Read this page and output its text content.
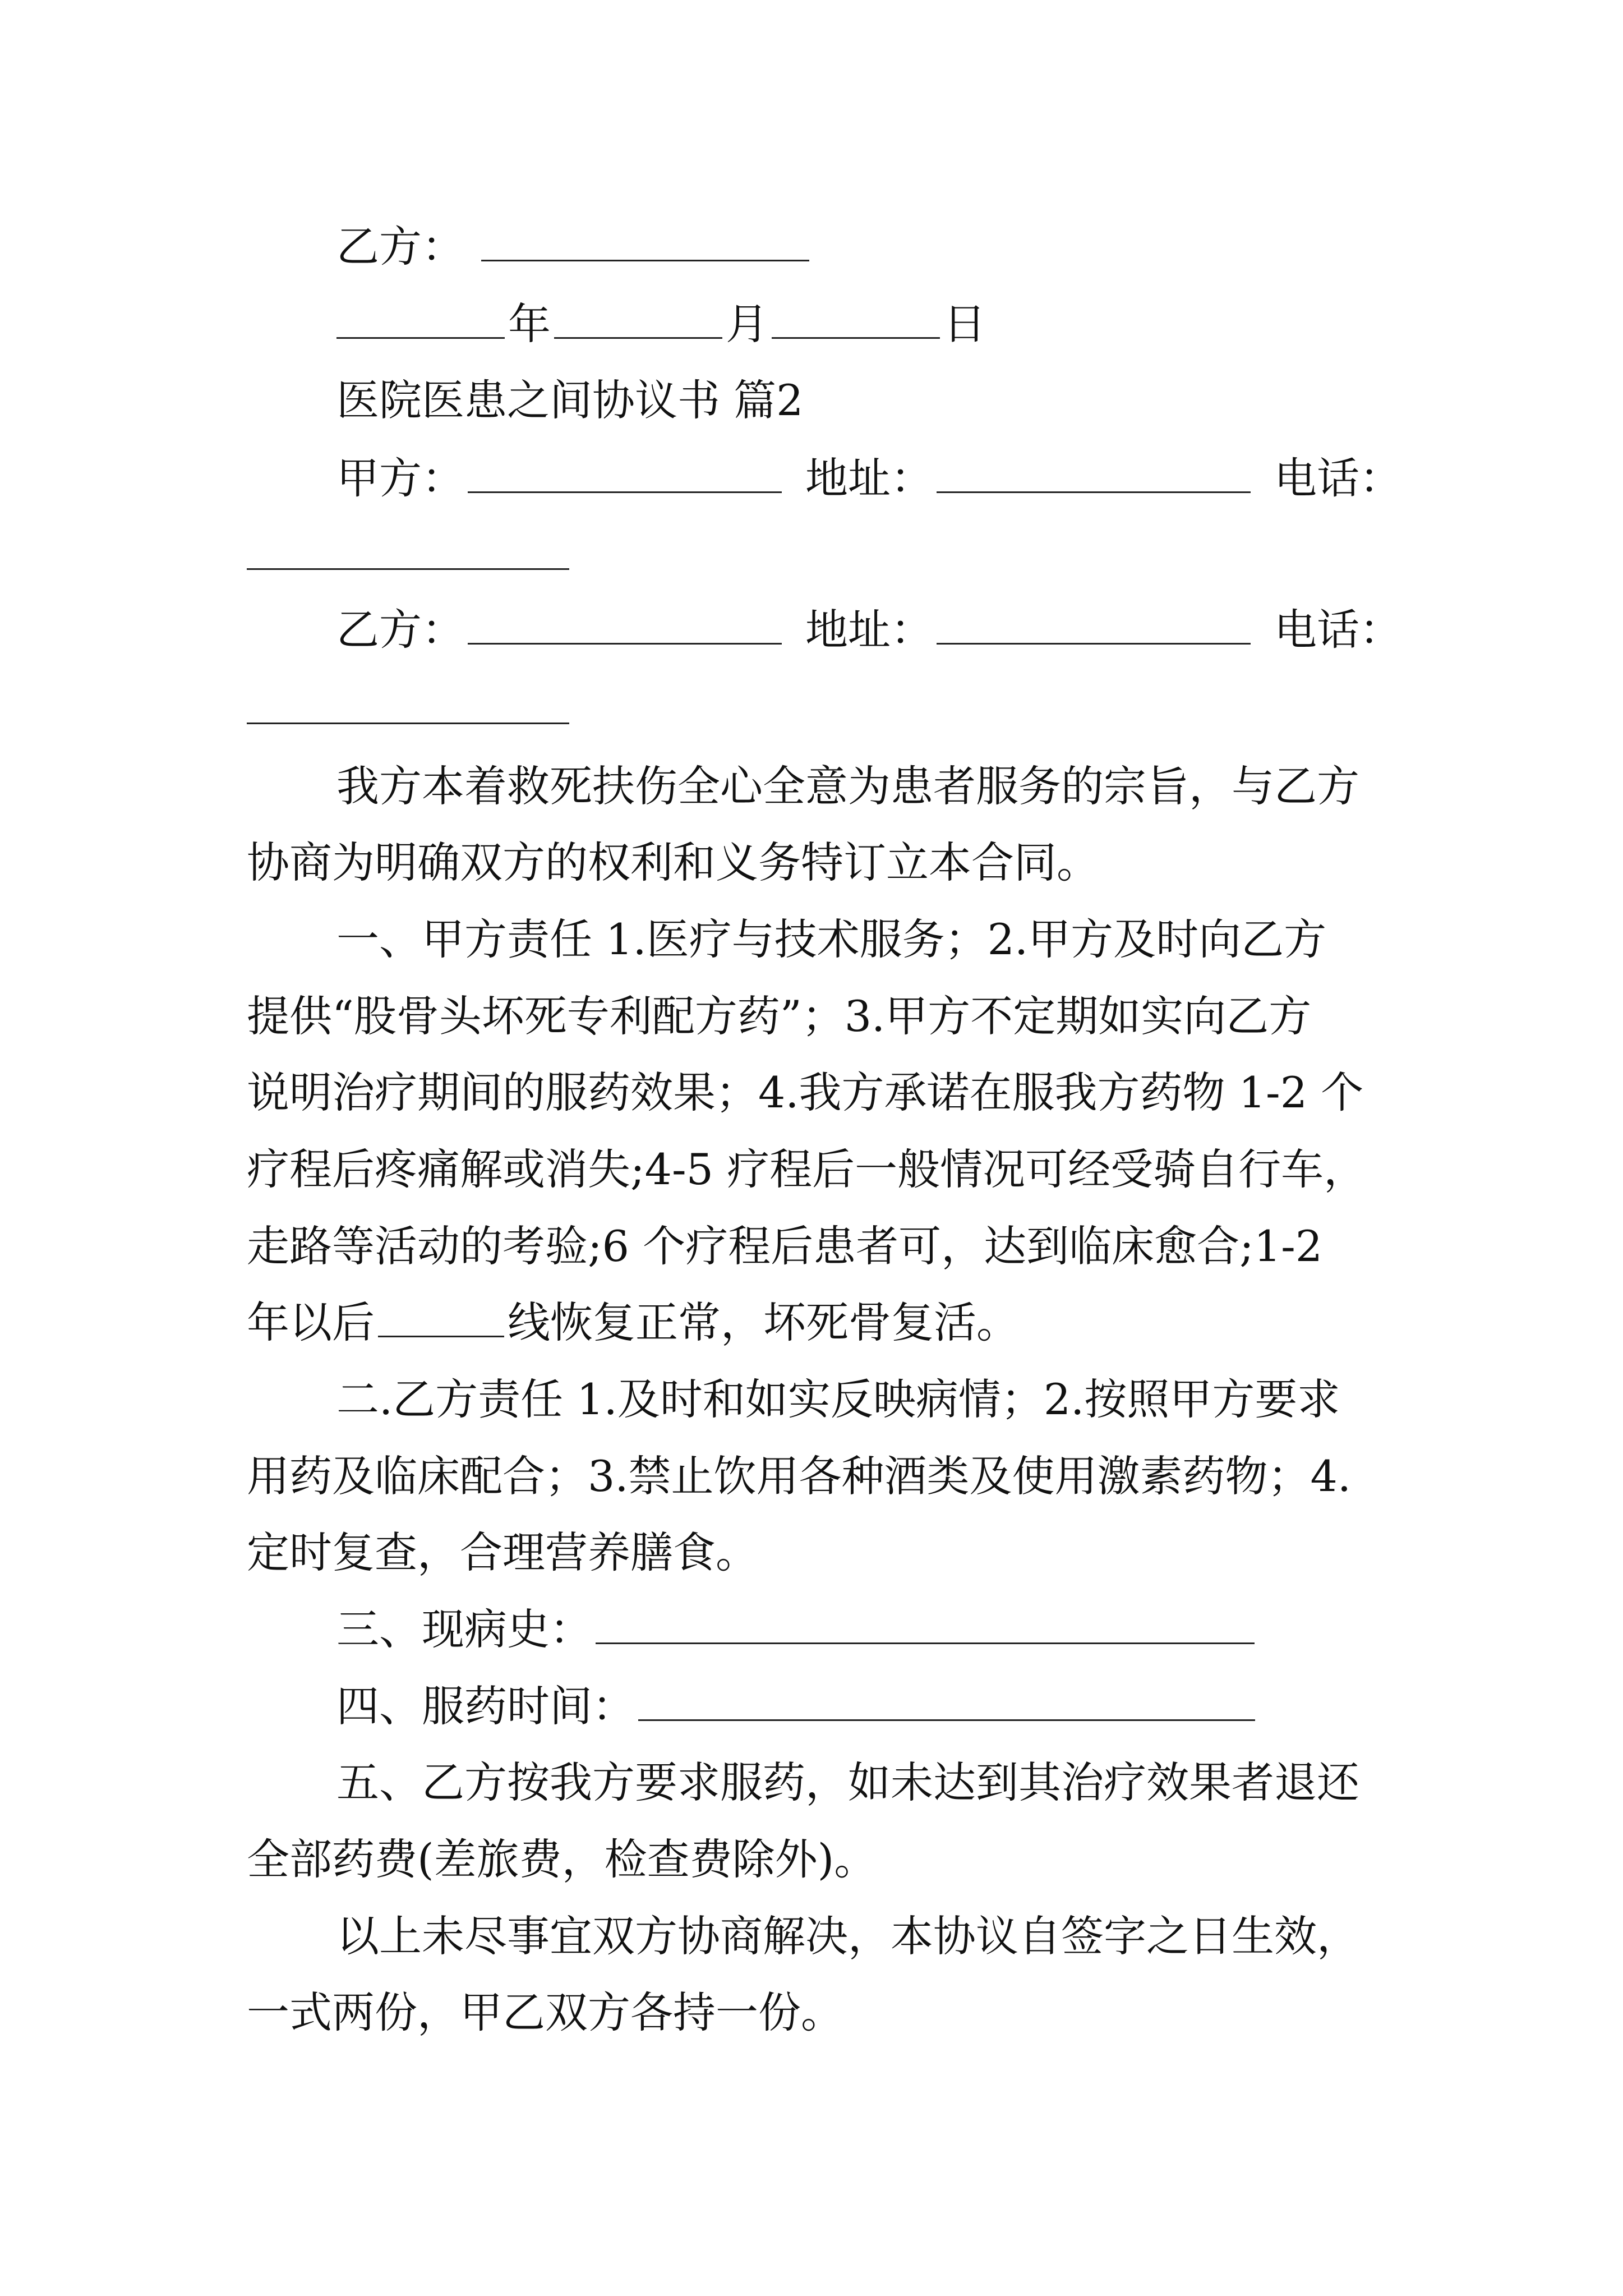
乙方：
年	月	日
医院医患之间协议书 篇2
甲方：	地址：	电话：
乙方：	地址：	电话：
我方本着救死扶伤全心全意为患者服务的宗旨，与乙方
协商为明确双方的权利和义务特订立本合同。
一、甲方责任 1.医疗与技术服务；2.甲方及时向乙方
提供“股骨头坏死专利配方药”；3.甲方不定期如实向乙方
说明治疗期间的服药效果；4.我方承诺在服我方药物 1-2 个
疗程后疼痛解或消失;4-5 疗程后一般情况可经受骑自行车，
走路等活动的考验;6 个疗程后患者可，达到临床愈合;1-2
年以后	线恢复正常，坏死骨复活。
二.乙方责任 1.及时和如实反映病情；2.按照甲方要求
用药及临床配合；3.禁止饮用各种酒类及使用激素药物；4.
定时复查，合理营养膳食。
三、现病史：
四、服药时间：
五、乙方按我方要求服药，如未达到其治疗效果者退还
全部药费(差旅费，检查费除外)。
以上未尽事宜双方协商解决，本协议自签字之日生效，
一式两份，甲乙双方各持一份。
